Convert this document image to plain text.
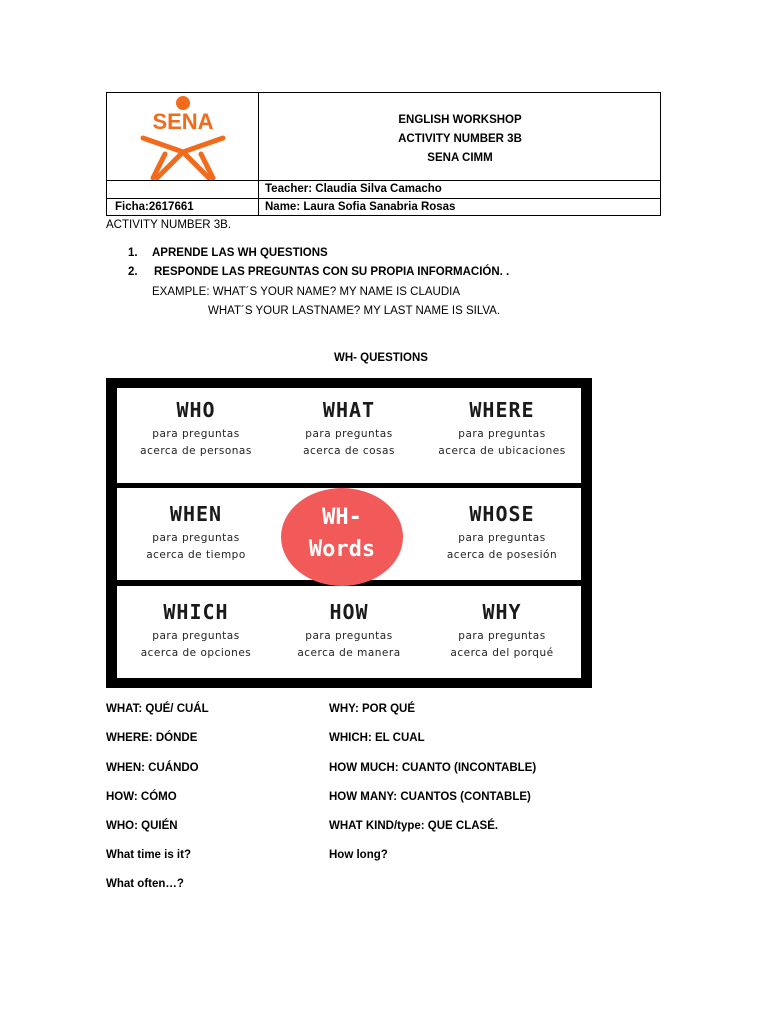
SENA	ENGLISH WORKSHOP
ACTIVITY NUMBER 3B
SENA CIMM
Teacher: Claudia Silva Camacho
Ficha:2617661	Name: Laura Sofia Sanabria Rosas
ACTIVITY NUMBER 3B.
1. APRENDE LAS WH QUESTIONS
2. RESPONDE LAS PREGUNTAS CON SU PROPIA INFORMACIÓN. .
EXAMPLE: WHAT´S YOUR NAME? MY NAME IS CLAUDIA
WHAT´S YOUR LASTNAME? MY LAST NAME IS SILVA.
WH- QUESTIONS
WHO
para preguntas
acerca de personas
WHAT
para preguntas
acerca de cosas
WHERE
para preguntas
acerca de ubicaciones
WHEN
para preguntas
acerca de tiempo
WHOSE
para preguntas
acerca de posesión
WHICH
para preguntas
acerca de opciones
HOW
para preguntas
acerca de manera
WHY
para preguntas
acerca del porqué
WH-
Words
WHAT: QUÉ/ CUÁL
WHERE: DÓNDE
WHEN: CUÁNDO
HOW: CÓMO
WHO: QUIÉN
What time is it?
What often…?
WHY: POR QUÉ
WHICH: EL CUAL
HOW MUCH: CUANTO (INCONTABLE)
HOW MANY: CUANTOS (CONTABLE)
WHAT KIND/type: QUE CLASÉ.
How long?
